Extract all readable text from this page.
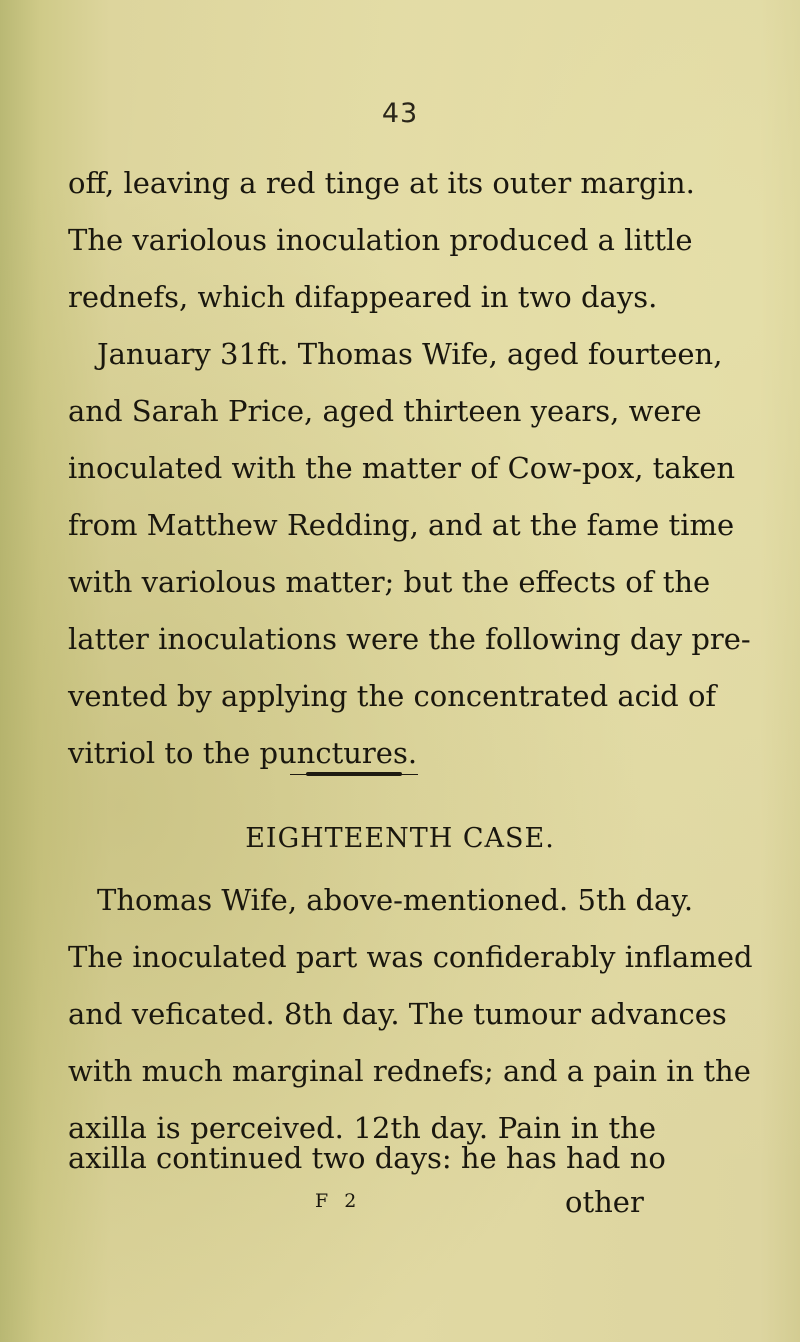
43
off, leaving a red tinge at its outer margin.
The variolous inoculation produced a little
rednefs, which difappeared in two days.
January 31ft. Thomas Wife, aged fourteen,
and Sarah Price, aged thirteen years, were
inoculated with the matter of Cow-pox, taken
from Matthew Redding, and at the fame time
with variolous matter; but the effects of the
latter inoculations were the following day pre-
vented by applying the concentrated acid of
vitriol to the punctures.
EIGHTEENTH CASE.
Thomas Wife, above-mentioned. 5th day.
The inoculated part was confiderably inflamed
and veficated. 8th day. The tumour advances
with much marginal rednefs; and a pain in the
axilla is perceived. 12th day. Pain in the
axilla continued two days: he has had no
F 2	other
